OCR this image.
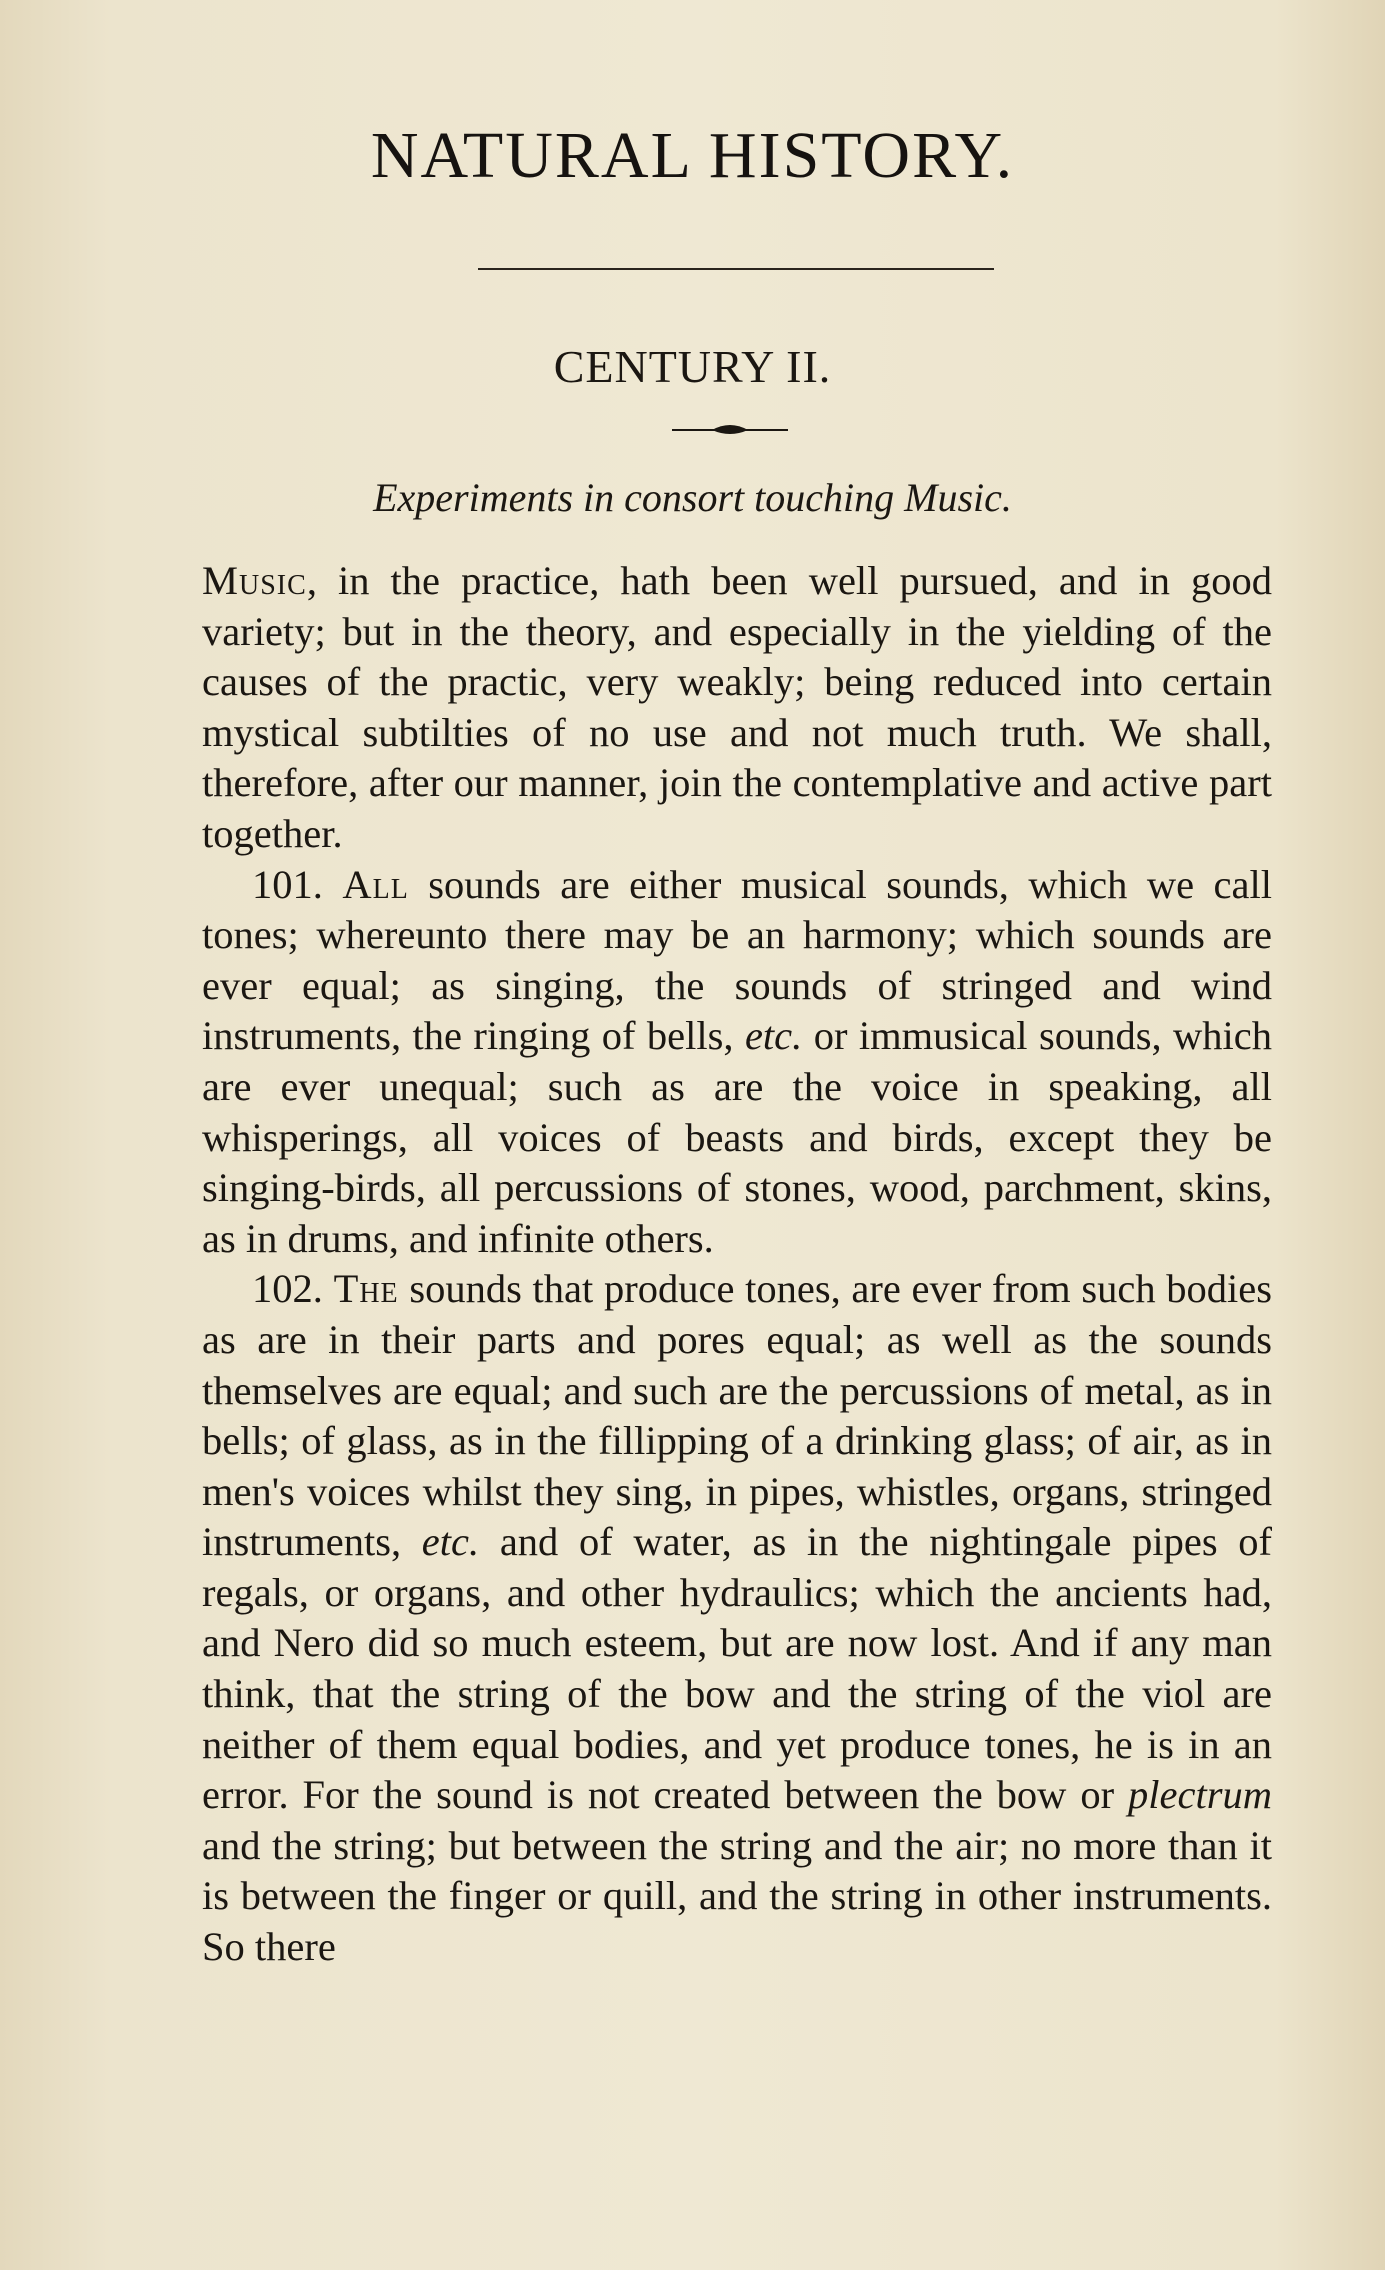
NATURAL HISTORY.
CENTURY II.
Experiments in consort touching Music.

Music, in the practice, hath been well pursued, and in good variety; but in the theory, and especially in the yielding of the causes of the practic, very weakly; being reduced into certain mystical subtilties of no use and not much truth. We shall, therefore, after our manner, join the contemplative and active part together.

101. All sounds are either musical sounds, which we call tones; whereunto there may be an harmony; which sounds are ever equal; as singing, the sounds of stringed and wind instruments, the ringing of bells, etc. or immusical sounds, which are ever unequal; such as are the voice in speaking, all whisperings, all voices of beasts and birds, except they be singing-birds, all percussions of stones, wood, parchment, skins, as in drums, and infinite others.

102. The sounds that produce tones, are ever from such bodies as are in their parts and pores equal; as well as the sounds themselves are equal; and such are the percussions of metal, as in bells; of glass, as in the fillipping of a drinking glass; of air, as in men's voices whilst they sing, in pipes, whistles, organs, stringed instruments, etc. and of water, as in the nightingale pipes of regals, or organs, and other hydraulics; which the ancients had, and Nero did so much esteem, but are now lost. And if any man think, that the string of the bow and the string of the viol are neither of them equal bodies, and yet produce tones, he is in an error. For the sound is not created between the bow or plectrum and the string; but between the string and the air; no more than it is between the finger or quill, and the string in other instruments. So there
